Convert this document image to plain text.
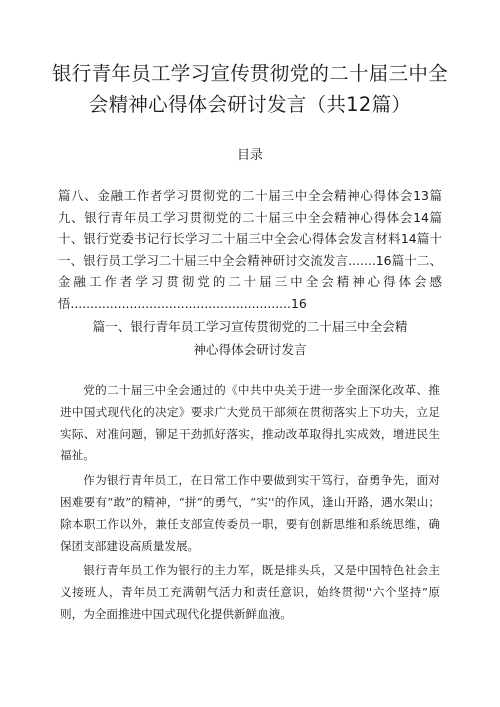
银行青年员工学习宣传贯彻党的二十届三中全
会精神心得体会研讨发言（共12篇）
目录
篇八、金融工作者学习贯彻党的二十届三中全会精神心得体会13篇九、银行青年员工学习贯彻党的二十届三中全会精神心得体会14篇十、银行党委书记行长学习二十届三中全会心得体会发言材料14篇十一、银行员工学习二十届三中全会精神研讨交流发言.......16篇十二、金融工作者学习贯彻党的二十届三中全会精神心得体会感悟........................................................16
篇一、银行青年员工学习宣传贯彻党的二十届三中全会精
神心得体会研讨发言

党的二十届三中全会通过的《中共中央关于进一步全面深化改革、推进中国式现代化的决定》要求广大党员干部须在贯彻落实上下功夫，立足实际、对准问题，铆足干劲抓好落实，推动改革取得扎实成效，增进民生福祉。

作为银行青年员工，在日常工作中要做到实干笃行，奋勇争先，面对困难要有“敢”的精神，“拼”的勇气，“实''的作风，逢山开路，遇水架山；除本职工作以外，兼任支部宣传委员一职，要有创新思维和系统思维，确保团支部建设高质量发展。

银行青年员工作为银行的主力军，既是排头兵，又是中国特色社会主义接班人，青年员工充满朝气活力和责任意识，始终贯彻''六个坚持”原则，为全面推进中国式现代化提供新鲜血液。
